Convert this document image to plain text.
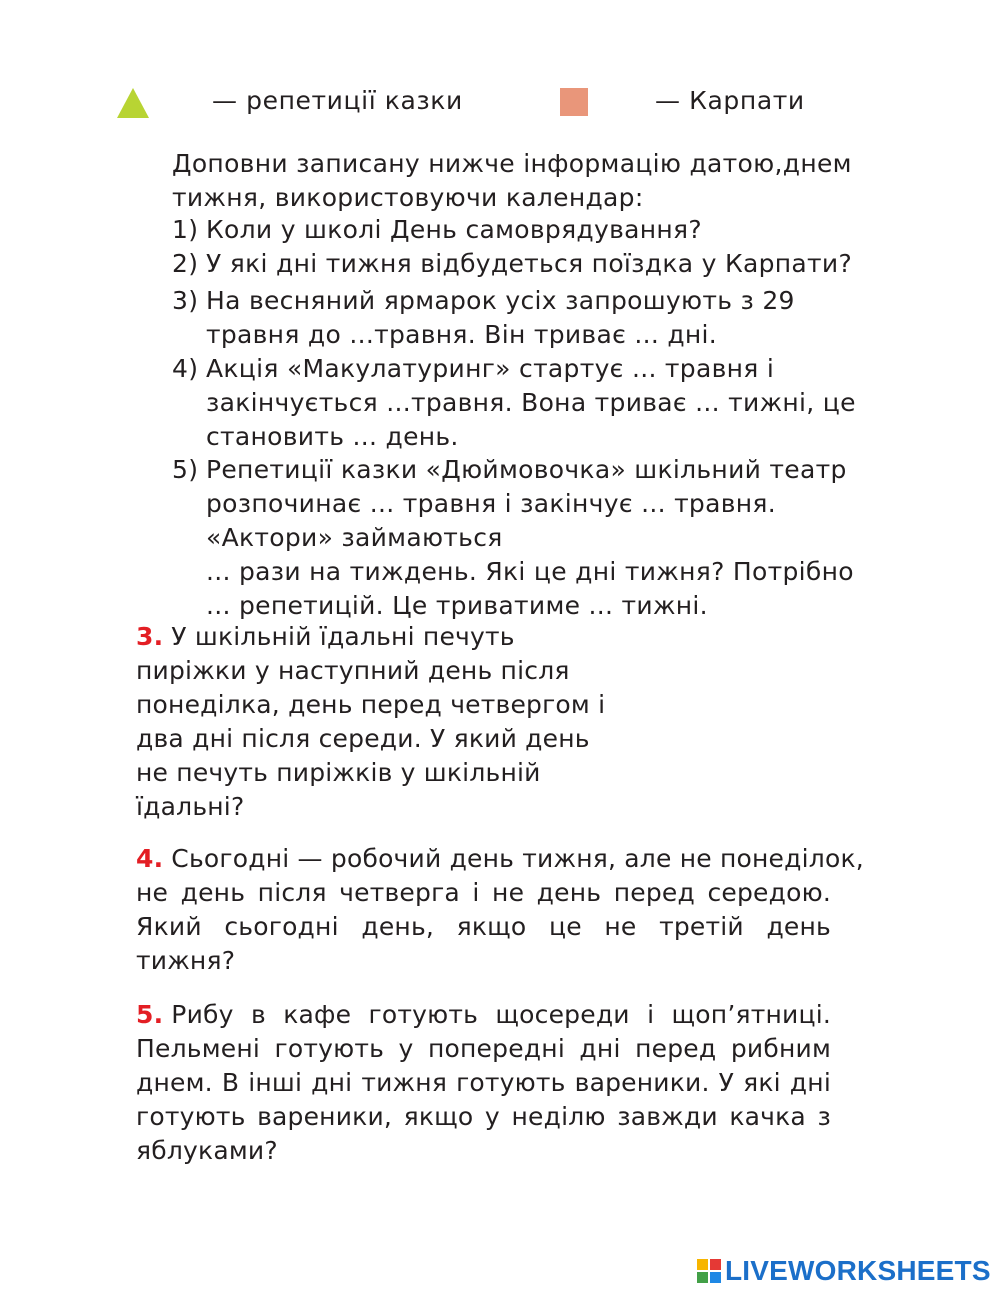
— репетиції казки	— Карпати
Доповни записану нижче інформацію датою,днем
тижня, використовуючи календар:
1) Коли у школі День самоврядування?
2) У які дні тижня відбудеться поїздка у Карпати?
3) На весняний ярмарок усіх запрошують з 29
травня до ...травня. Він триває ... дні.
4) Акція «Макулатуринг» стартує ... травня і
закінчується ...травня. Вона триває ... тижні, це
становить ... день.
5) Репетиції казки «Дюймовочка» шкільний театр
розпочинає ... травня і закінчує ... травня.
«Актори» займаються
... рази на тиждень. Які це дні тижня? Потрібно
... репетицій. Це триватиме ... тижні.
3. У шкільній їдальні печуть
пиріжки у наступний день після
понеділка, день перед четвергом і
два дні після середи. У який день
не печуть пиріжків у шкільній
їдальні?
4. Сьогодні — робочий день тижня, але не понеділок,
не день після четверга і не день перед середою.
Який сьогодні день, якщо це не третій день
тижня?
5. Рибу в кафе готують щосереди і щоп’ятниці.
Пельмені готують у попередні дні перед рибним
днем. В інші дні тижня готують вареники. У які дні
готують вареники, якщо у неділю завжди качка з
яблуками?
LIVEWORKSHEETS
